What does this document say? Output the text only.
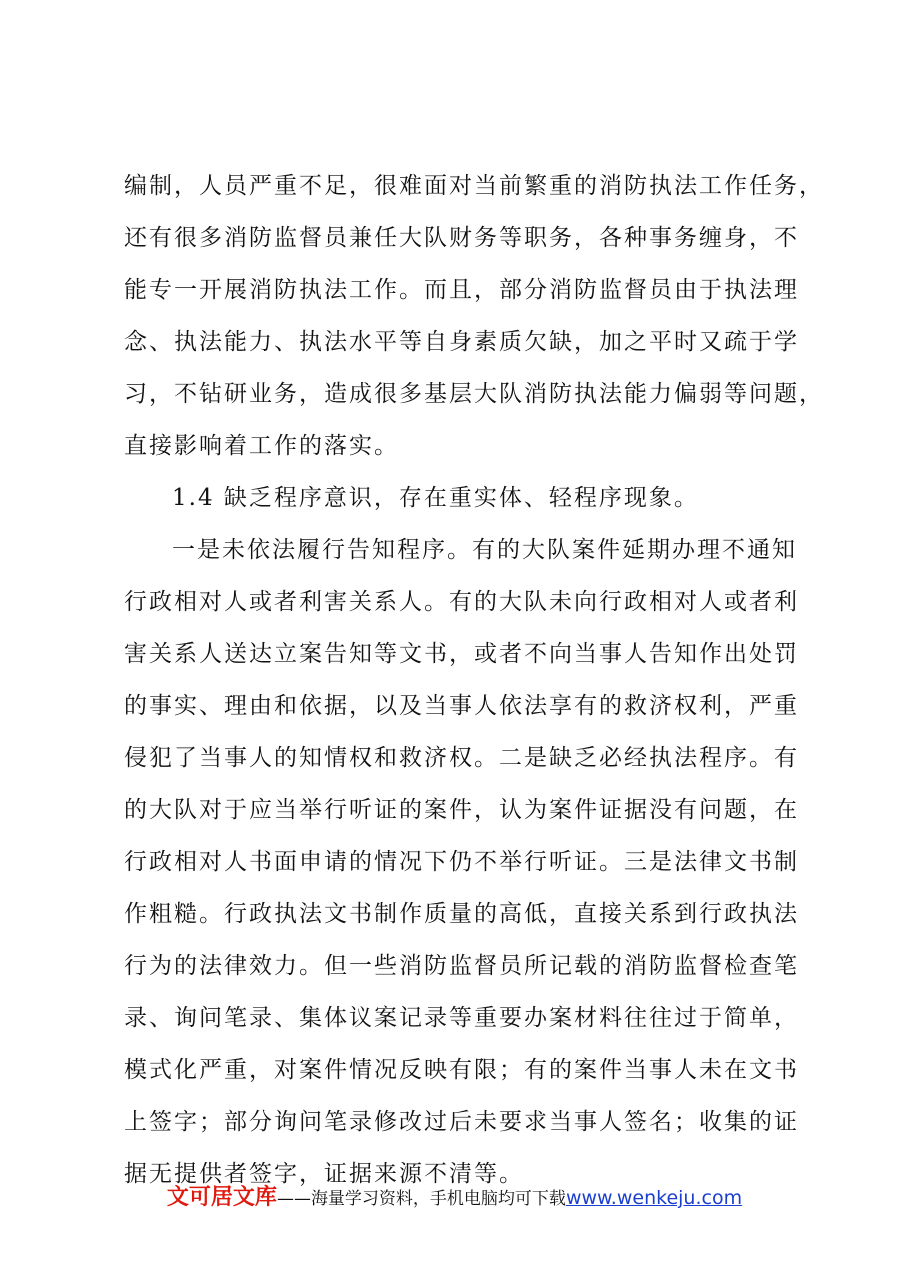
编制，人员严重不足，很难面对当前繁重的消防执法工作任务，
还有很多消防监督员兼任大队财务等职务，各种事务缠身，不
能专一开展消防执法工作。而且，部分消防监督员由于执法理
念、执法能力、执法水平等自身素质欠缺，加之平时又疏于学
习，不钻研业务，造成很多基层大队消防执法能力偏弱等问题，
直接影响着工作的落实。
1.4 缺乏程序意识，存在重实体、轻程序现象。
一是未依法履行告知程序。有的大队案件延期办理不通知
行政相对人或者利害关系人。有的大队未向行政相对人或者利
害关系人送达立案告知等文书，或者不向当事人告知作出处罚
的事实、理由和依据，以及当事人依法享有的救济权利，严重
侵犯了当事人的知情权和救济权。二是缺乏必经执法程序。有
的大队对于应当举行听证的案件，认为案件证据没有问题，在
行政相对人书面申请的情况下仍不举行听证。三是法律文书制
作粗糙。行政执法文书制作质量的高低，直接关系到行政执法
行为的法律效力。但一些消防监督员所记载的消防监督检查笔
录、询问笔录、集体议案记录等重要办案材料往往过于简单，
模式化严重，对案件情况反映有限；有的案件当事人未在文书
上签字；部分询问笔录修改过后未要求当事人签名；收集的证
据无提供者签字，证据来源不清等。
文可居文库——海量学习资料，手机电脑均可下载www.wenkeju.com
